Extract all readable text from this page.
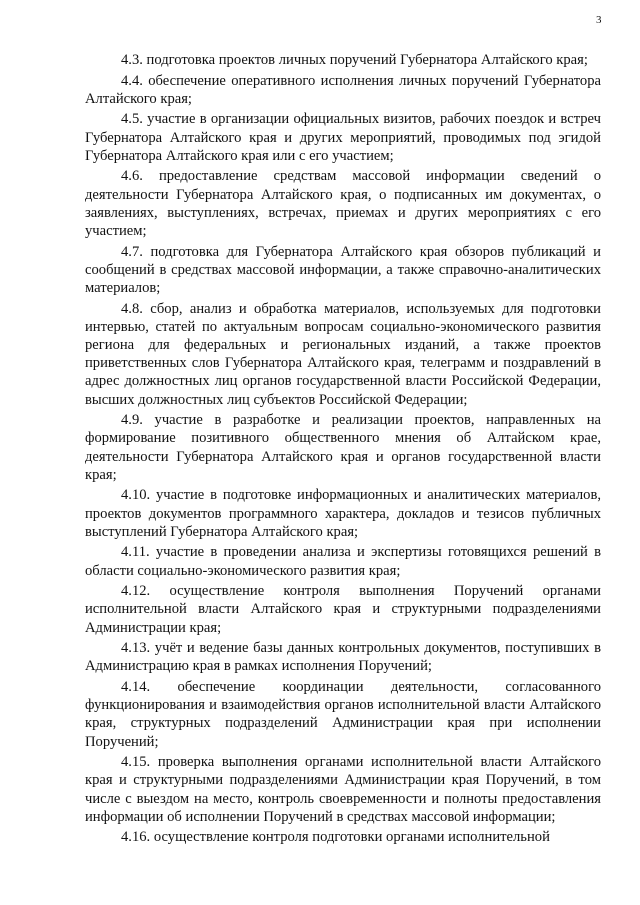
3

4.3. подготовка проектов личных поручений Губернатора Алтайского края;

4.4. обеспечение оперативного исполнения личных поручений Губернатора Алтайского края;

4.5. участие в организации официальных визитов, рабочих поездок и встреч Губернатора Алтайского края и других мероприятий, проводимых под эгидой Губернатора Алтайского края или с его участием;

4.6. предоставление средствам массовой информации сведений о деятельности Губернатора Алтайского края, о подписанных им документах, о заявлениях, выступлениях, встречах, приемах и других мероприятиях с его участием;

4.7. подготовка для Губернатора Алтайского края обзоров публикаций и сообщений в средствах массовой информации, а также справочно-аналитических материалов;

4.8. сбор, анализ и обработка материалов, используемых для подготовки интервью, статей по актуальным вопросам социально-экономического развития региона для федеральных и региональных изданий, а также проектов приветственных слов Губернатора Алтайского края, телеграмм и поздравлений в адрес должностных лиц органов государственной власти Российской Федерации, высших должностных лиц субъектов Российской Федерации;

4.9. участие в разработке и реализации проектов, направленных на формирование позитивного общественного мнения об Алтайском крае, деятельности Губернатора Алтайского края и органов государственной власти края;

4.10. участие в подготовке информационных и аналитических материалов, проектов документов программного характера, докладов и тезисов публичных выступлений Губернатора Алтайского края;

4.11. участие в проведении анализа и экспертизы готовящихся решений в области социально-экономического развития края;

4.12. осуществление контроля выполнения Поручений органами исполнительной власти Алтайского края и структурными подразделениями Администрации края;

4.13. учёт и ведение базы данных контрольных документов, поступивших в Администрацию края в рамках исполнения Поручений;

4.14. обеспечение координации деятельности, согласованного функционирования и взаимодействия органов исполнительной власти Алтайского края, структурных подразделений Администрации края при исполнении Поручений;

4.15. проверка выполнения органами исполнительной власти Алтайского края и структурными подразделениями Администрации края Поручений, в том числе с выездом на место, контроль своевременности и полноты предоставления информации об исполнении Поручений в средствах массовой информации;

4.16. осуществление контроля подготовки органами исполнительной
